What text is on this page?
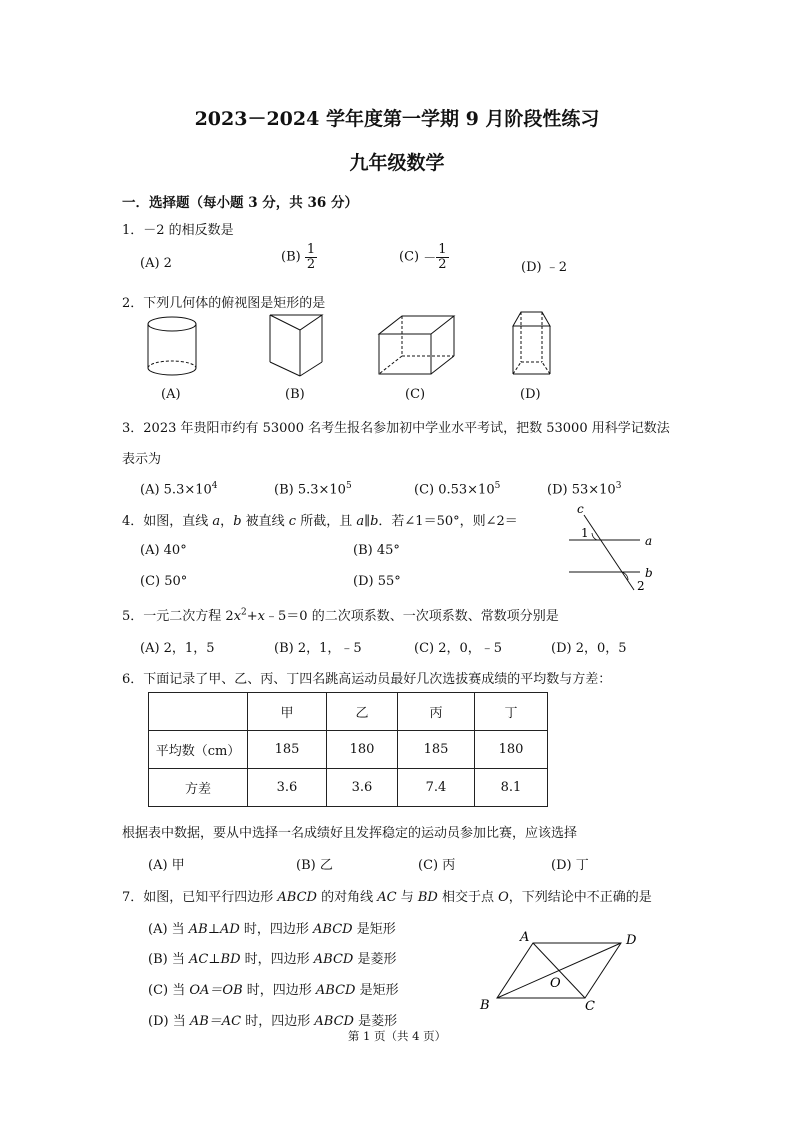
2023－2024 学年度第一学期 9 月阶段性练习
九年级数学
一．选择题（每小题 3 分，共 36 分）
1．－2 的相反数是
(A) 2	$(B) \frac{1}{2}$	$(C) - \frac{1}{2}$	(D) ﹣2
2．下列几何体的俯视图是矩形的是
(A)	(B)	(C)	(D)
3．2023 年贵阳市约有 53000 名考生报名参加初中学业水平考试，把数 53000 用科学记数法
表示为
(A) $5.3\times 10^4$	(B) $5.3\times 10^5$	(C) $0.53\times 10^5$	(D) $53\times 10^3$
4．如图，直线 a，b 被直线 c 所截，且 a∥b．若∠1＝50°，则∠2＝
(A) 40°	(B) 45°
(C) 50°	(D) 55°
c
1
a
b
2
5．一元二次方程 $2x^2+x﹣5=0$ 的二次项系数、一次项系数、常数项分别是
(A) 2，1，5	(B) 2，1，﹣5	(C) 2，0，﹣5	(D) 2，0，5
6．下面记录了甲、乙、丙、丁四名跳高运动员最好几次选拔赛成绩的平均数与方差：
	甲	乙	丙	丁
平均数（cm）	185	180	185	180
方差	3.6	3.6	7.4	8.1
根据表中数据，要从中选择一名成绩好且发挥稳定的运动员参加比赛，应该选择
(A) 甲	(B) 乙	(C) 丙	(D) 丁
7．如图，已知平行四边形 ABCD 的对角线 AC 与 BD 相交于点 O，下列结论中不正确的是
(A) 当 AB⊥AD 时，四边形 ABCD 是矩形
(B) 当 AC⊥BD 时，四边形 ABCD 是菱形
(C) 当 OA＝OB 时，四边形 ABCD 是矩形
(D) 当 AB＝AC 时，四边形 ABCD 是菱形
A	D
B	C
O
第 1 页（共 4 页）
